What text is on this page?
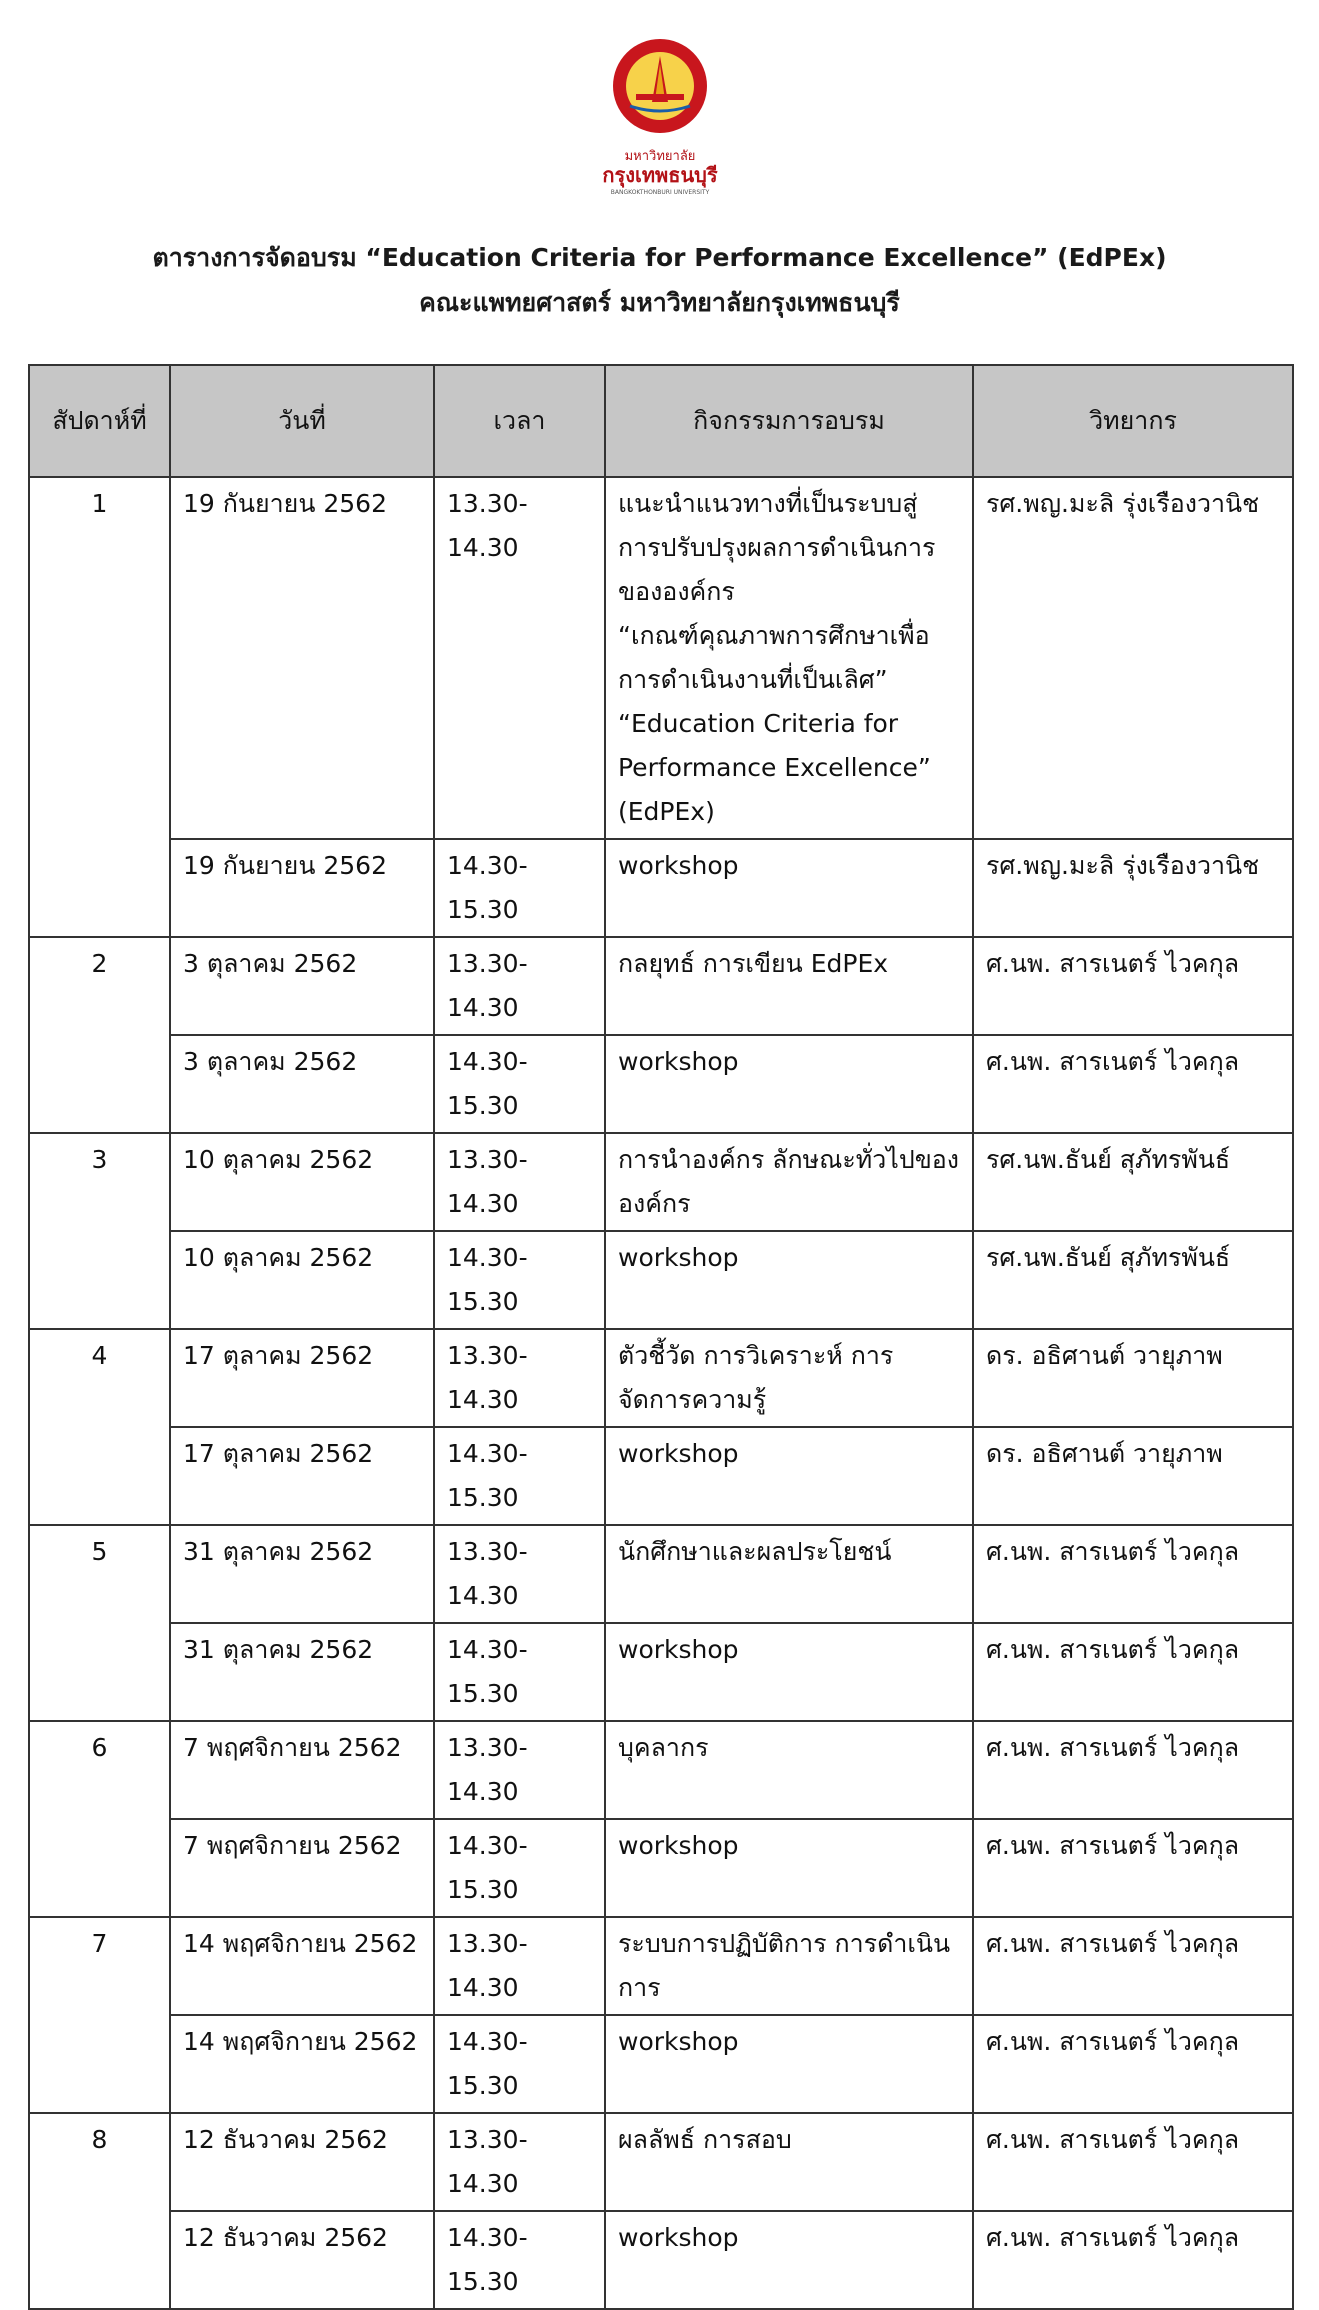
มหาวิทยาลัย
กรุงเทพธนบุรี
BANGKOKTHONBURI UNIVERSITY
ตารางการจัดอบรม “Education Criteria for Performance Excellence” (EdPEx)
คณะแพทยศาสตร์ มหาวิทยาลัยกรุงเทพธนบุรี
สัปดาห์ที่	วันที่	เวลา	กิจกรรมการอบรม	วิทยากร
1	19 กันยายน 2562	13.30-14.30	แนะนำแนวทางที่เป็นระบบสู่การปรับปรุงผลการดำเนินการขององค์กร
“เกณฑ์คุณภาพการศึกษาเพื่อการดำเนินงานที่เป็นเลิศ”
“Education Criteria for Performance Excellence” (EdPEx)	รศ.พญ.มะลิ รุ่งเรืองวานิช
	19 กันยายน 2562	14.30-15.30	workshop	รศ.พญ.มะลิ รุ่งเรืองวานิช
2	3 ตุลาคม 2562	13.30-14.30	กลยุทธ์ การเขียน EdPEx	ศ.นพ. สารเนตร์ ไวคกุล
	3 ตุลาคม 2562	14.30-15.30	workshop	ศ.นพ. สารเนตร์ ไวคกุล
3	10 ตุลาคม 2562	13.30-14.30	การนำองค์กร ลักษณะทั่วไปขององค์กร	รศ.นพ.ธันย์ สุภัทรพันธ์
	10 ตุลาคม 2562	14.30-15.30	workshop	รศ.นพ.ธันย์ สุภัทรพันธ์
4	17 ตุลาคม 2562	13.30-14.30	ตัวชี้วัด การวิเคราะห์ การจัดการความรู้	ดร. อธิศานต์ วายุภาพ
	17 ตุลาคม 2562	14.30-15.30	workshop	ดร. อธิศานต์ วายุภาพ
5	31 ตุลาคม 2562	13.30-14.30	นักศึกษาและผลประโยชน์	ศ.นพ. สารเนตร์ ไวคกุล
	31 ตุลาคม 2562	14.30-15.30	workshop	ศ.นพ. สารเนตร์ ไวคกุล
6	7 พฤศจิกายน 2562	13.30-14.30	บุคลากร	ศ.นพ. สารเนตร์ ไวคกุล
	7 พฤศจิกายน 2562	14.30-15.30	workshop	ศ.นพ. สารเนตร์ ไวคกุล
7	14 พฤศจิกายน 2562	13.30-14.30	ระบบการปฏิบัติการ การดำเนินการ	ศ.นพ. สารเนตร์ ไวคกุล
	14 พฤศจิกายน 2562	14.30-15.30	workshop	ศ.นพ. สารเนตร์ ไวคกุล
8	12 ธันวาคม 2562	13.30-14.30	ผลลัพธ์ การสอบ	ศ.นพ. สารเนตร์ ไวคกุล
	12 ธันวาคม 2562	14.30-15.30	workshop	ศ.นพ. สารเนตร์ ไวคกุล
